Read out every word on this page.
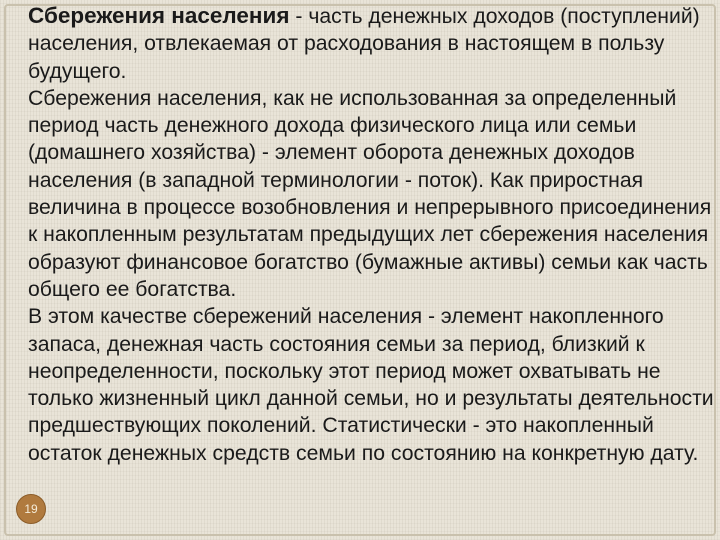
19

Сбережения населения - часть денежных доходов (поступлений) населения, отвлекаемая от расходования в настоящем в пользу будущего.

Сбережения населения, как не использованная за определенный период часть денежного дохода физического лица или семьи (домашнего хозяйства) - элемент оборота денежных доходов населения (в западной терминологии - поток). Как приростная величина в процессе возобновления и непрерывного присоединения к накопленным результатам предыдущих лет сбережения населения образуют финансовое богатство (бумажные активы) семьи как часть общего ее богатства.

В этом качестве сбережений населения - элемент накопленного запаса, денежная часть состояния семьи за период, близкий к неопределенности, поскольку этот период может охватывать не только жизненный цикл данной семьи, но и результаты деятельности предшествующих поколений. Статистически - это накопленный остаток денежных средств семьи по состоянию на конкретную дату.
